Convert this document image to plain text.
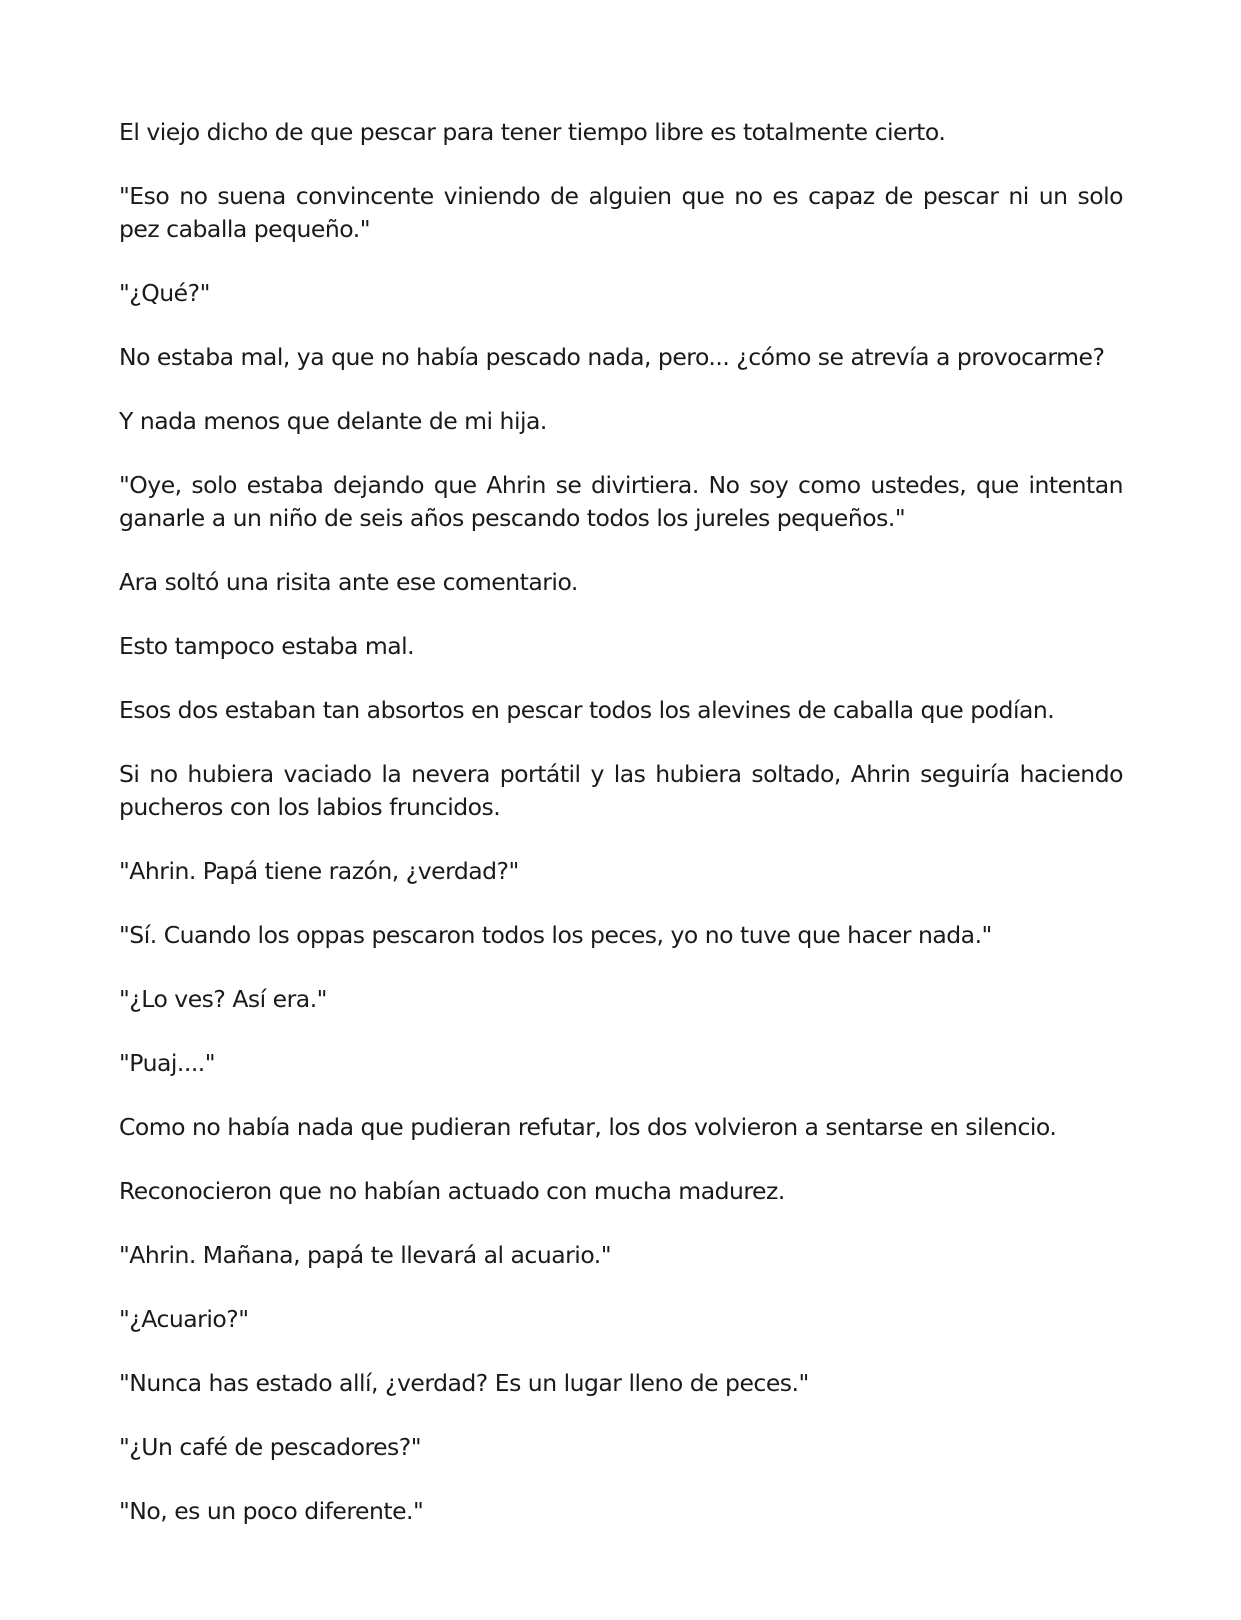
El viejo dicho de que pescar para tener tiempo libre es totalmente cierto.

"Eso no suena convincente viniendo de alguien que no es capaz de pescar ni un solo pez caballa pequeño."

"¿Qué?"

No estaba mal, ya que no había pescado nada, pero... ¿cómo se atrevía a provocarme?

Y nada menos que delante de mi hija.

"Oye, solo estaba dejando que Ahrin se divirtiera. No soy como ustedes, que intentan ganarle a un niño de seis años pescando todos los jureles pequeños."

Ara soltó una risita ante ese comentario.

Esto tampoco estaba mal.

Esos dos estaban tan absortos en pescar todos los alevines de caballa que podían.

Si no hubiera vaciado la nevera portátil y las hubiera soltado, Ahrin seguiría haciendo pucheros con los labios fruncidos.

"Ahrin. Papá tiene razón, ¿verdad?"

"Sí. Cuando los oppas pescaron todos los peces, yo no tuve que hacer nada."

"¿Lo ves? Así era."

"Puaj...."

Como no había nada que pudieran refutar, los dos volvieron a sentarse en silencio.

Reconocieron que no habían actuado con mucha madurez.

"Ahrin. Mañana, papá te llevará al acuario."

"¿Acuario?"

"Nunca has estado allí, ¿verdad? Es un lugar lleno de peces."

"¿Un café de pescadores?"

"No, es un poco diferente."
